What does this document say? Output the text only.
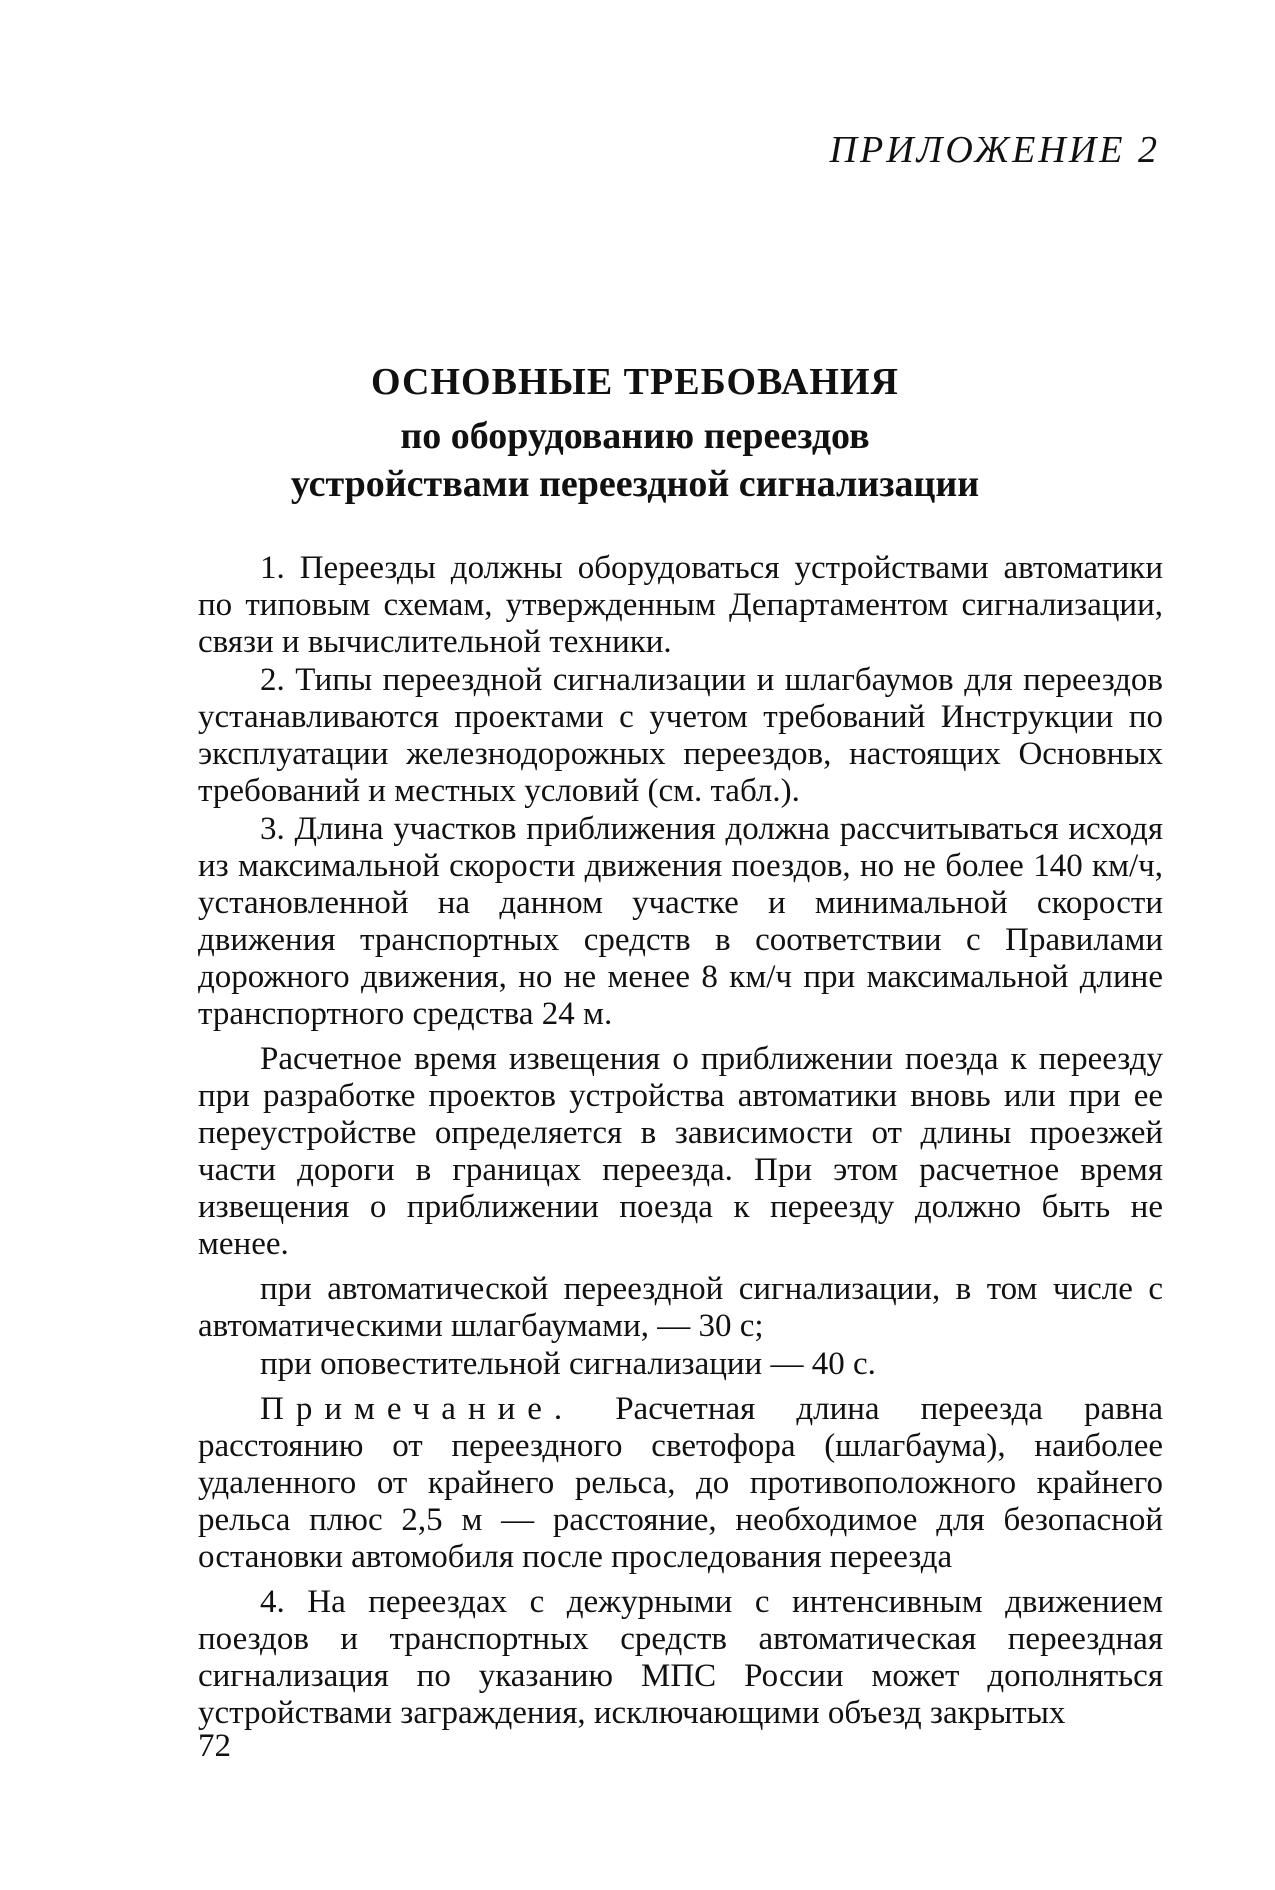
ПРИЛОЖЕНИЕ 2
ОСНОВНЫЕ ТРЕБОВАНИЯ
по оборудованию переездов
устройствами переездной сигнализации

1. Переезды должны оборудоваться устройствами автоматики по типовым схемам, утвержденным Департаментом сигнализации, связи и вычислительной техники.

2. Типы переездной сигнализации и шлагбаумов для переездов устанавливаются проектами с учетом требований Инструкции по эксплуатации железнодорожных переездов, настоящих Основных требований и местных условий (см. табл.).

3. Длина участков приближения должна рассчитываться исходя из максимальной скорости движения поездов, но не более 140 км/ч, установленной на данном участке и минимальной скорости движения транспортных средств в соответствии с Правилами дорожного движения, но не менее 8 км/ч при максимальной длине транспортного средства 24 м.

Расчетное время извещения о приближении поезда к переезду при разработке проектов устройства автоматики вновь или при ее переустройстве определяется в зависимости от длины проезжей части дороги в границах переезда. При этом расчетное время извещения о приближении поезда к переезду должно быть не менее.

при автоматической переездной сигнализации, в том числе с автоматическими шлагбаумами, — 30 с;

при оповестительной сигнализации — 40 с.

Примечание. Расчетная длина переезда равна расстоянию от переездного светофора (шлагбаума), наиболее удаленного от крайнего рельса, до противоположного крайнего рельса плюс 2,5 м — расстояние, необходимое для безопасной остановки автомобиля после проследования переезда

4. На переездах с дежурными с интенсивным движением поездов и транспортных средств автоматическая переездная сигнализация по указанию МПС России может дополняться устройствами заграждения, исключающими объезд закрытых

72
